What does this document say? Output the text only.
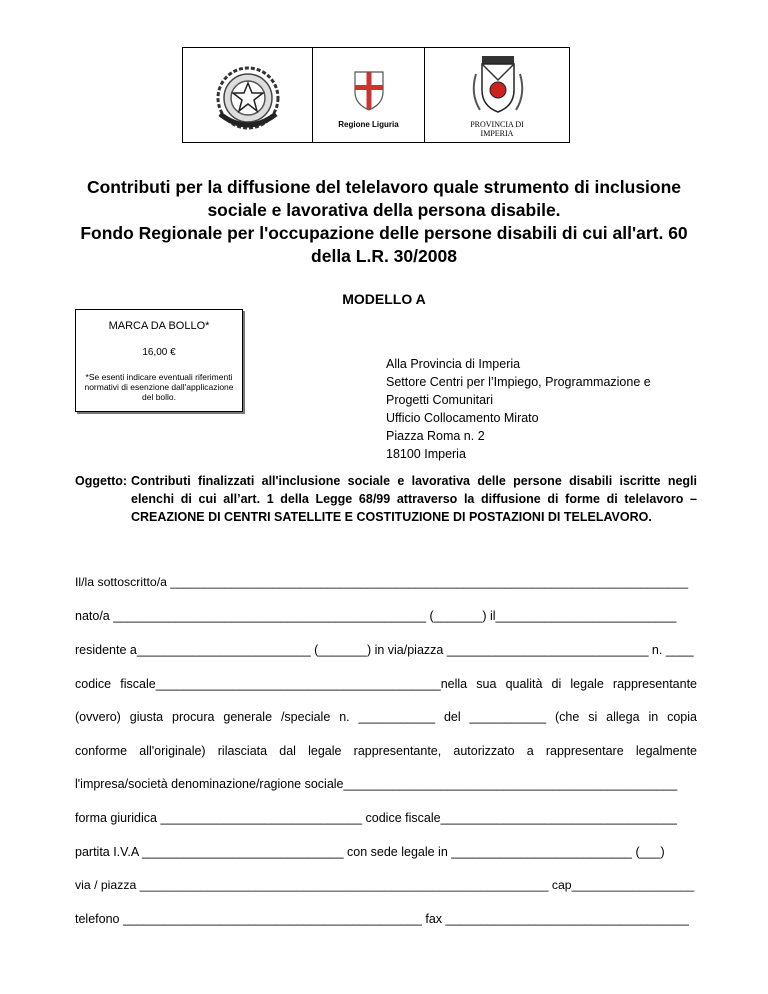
Regione Liguria	PROVINCIA DI
IMPERIA
Contributi per la diffusione del telelavoro quale strumento di inclusione
sociale e lavorativa della persona disabile.
Fondo Regionale per l'occupazione delle persone disabili di cui all'art. 60
della L.R. 30/2008
MODELLO A
MARCA DA BOLLO*
16,00 €
*Se esenti indicare eventuali riferimenti normativi di esenzione dall'applicazione del bollo.
Alla Provincia di Imperia
Settore Centri per l’Impiego, Programmazione e
Progetti Comunitari
Ufficio Collocamento Mirato
Piazza Roma n. 2
18100 Imperia
Oggetto: Contributi finalizzati all'inclusione sociale e lavorativa delle persone disabili iscritte negli elenchi di cui all’art. 1 della Legge 68/99 attraverso la diffusione di forme di telelavoro – CREAZIONE DI CENTRI SATELLITE E COSTITUZIONE DI POSTAZIONI DI TELELAVORO.
Il/la sottoscritto/a ____________________________________________________________________________
nato/a _____________________________________________ (_______) il__________________________
residente a_________________________ (_______) in via/piazza _____________________________ n. ____
codice fiscale_________________________________________nella sua qualità di legale rappresentante
(ovvero) giusta procura generale /speciale n. ___________ del ___________ (che si allega in copia
conforme all'originale) rilasciata dal legale rappresentante, autorizzato a rappresentare legalmente
l'impresa/società denominazione/ragione sociale________________________________________________
forma giuridica _____________________________ codice fiscale__________________________________
partita I.V.A _____________________________ con sede legale in __________________________ (___)
via / piazza ____________________________________________________________ cap__________________
telefono ___________________________________________ fax ___________________________________
